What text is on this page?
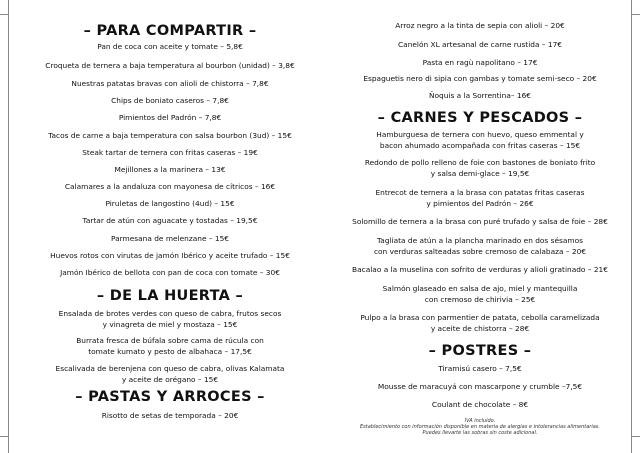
– PARA COMPARTIR –
Pan de coca con aceite y tomate – 5,8€
Croqueta de ternera a baja temperatura al bourbon (unidad) – 3,8€
Nuestras patatas bravas con alioli de chistorra – 7,8€
Chips de boniato caseros – 7,8€
Pimientos del Padrón – 7,8€
Tacos de carne a baja temperatura con salsa bourbon (3ud) – 15€
Steak tartar de ternera con fritas caseras – 19€
Mejillones a la marinera – 13€
Calamares a la andaluza con mayonesa de cítricos – 16€
Piruletas de langostino (4ud) – 15€
Tartar de atún con aguacate y tostadas – 19,5€
Parmesana de melenzane – 15€
Huevos rotos con virutas de jamón Ibérico y aceite trufado – 15€
Jamón Ibérico de bellota con pan de coca con tomate – 30€
– DE LA HUERTA –
Ensalada de brotes verdes con queso de cabra, frutos secos
y vinagreta de miel y mostaza – 15€
Burrata fresca de búfala sobre cama de rúcula con
tomate kumato y pesto de albahaca – 17,5€
Escalivada de berenjena con queso de cabra, olivas Kalamata
y aceite de orégano – 15€
– PASTAS Y ARROCES –
Risotto de setas de temporada – 20€
Arroz negro a la tinta de sepia con alioli – 20€
Canelón XL artesanal de carne rustida – 17€
Pasta en ragù napolitano – 17€
Espaguetis nero di sipia con gambas y tomate semi-seco – 20€
Ñoquis a la Sorrentina– 16€
– CARNES Y PESCADOS –
Hamburguesa de ternera con huevo, queso emmental y
bacon ahumado acompañada con fritas caseras – 15€
Redondo de pollo relleno de foie con bastones de boniato frito
y salsa demi-glace – 19,5€
Entrecot de ternera a la brasa con patatas fritas caseras
y pimientos del Padrón – 26€
Solomillo de ternera a la brasa con puré trufado y salsa de foie – 28€
Tagliata de atún a la plancha marinado en dos sésamos
con verduras salteadas sobre cremoso de calabaza – 20€
Bacalao a la muselina con sofrito de verduras y alioli gratinado – 21€
Salmón glaseado en salsa de ajo, miel y mantequilla
con cremoso de chirivia – 25€
Pulpo a la brasa con parmentier de patata, cebolla caramelizada
y aceite de chistorra – 28€
– POSTRES –
Tiramisú casero – 7,5€
Mousse de maracuyá con mascarpone y crumble –7,5€
Coulant de chocolate – 8€
IVA incluido.
Establecimiento con información disponible en materia de alergias e intolerancias alimentarias.
Puedes llevarte las sobras sin coste adicional.
